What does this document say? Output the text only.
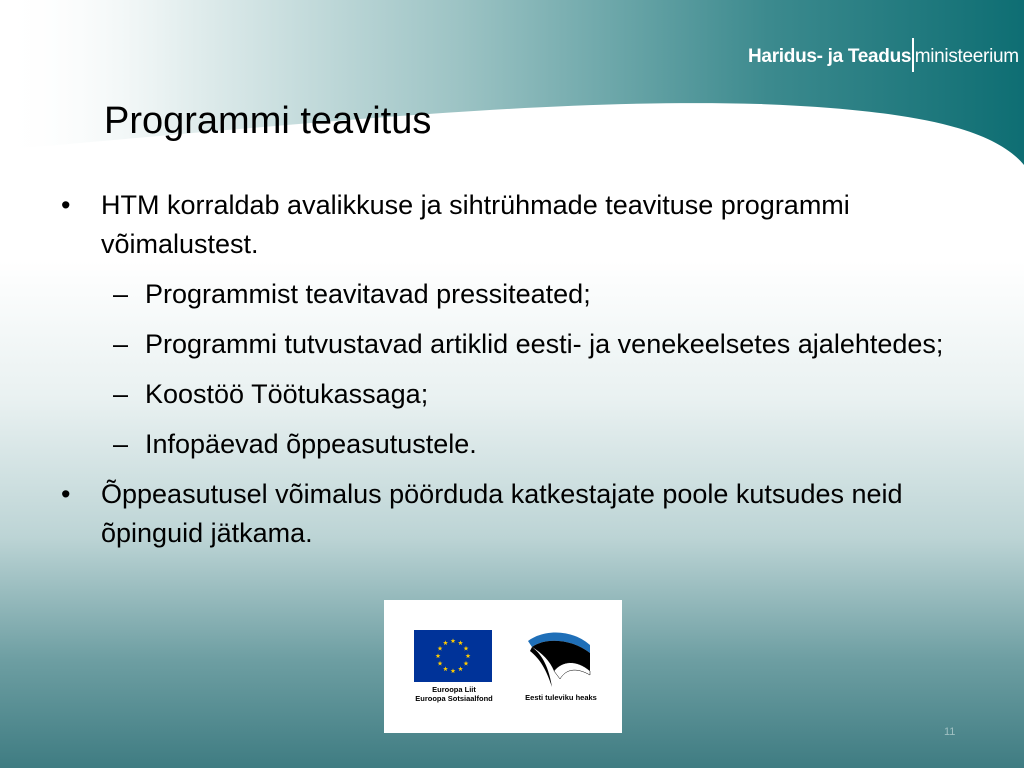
Haridus- ja Teadus ministeerium
Programmi teavitus
• HTM korraldab avalikkuse ja sihtrühmade teavituse programmi võimalustest.
– Programmist teavitavad pressiteated;
– Programmi tutvustavad artiklid eesti- ja venekeelsetes ajalehtedes;
– Koostöö Töötukassaga;
– Infopäevad õppeasutustele.
• Õppeasutusel võimalus pöörduda katkestajate poole kutsudes neid õpinguid jätkama.
Euroopa Liit
Euroopa Sotsiaalfond	Eesti tuleviku heaks
11
